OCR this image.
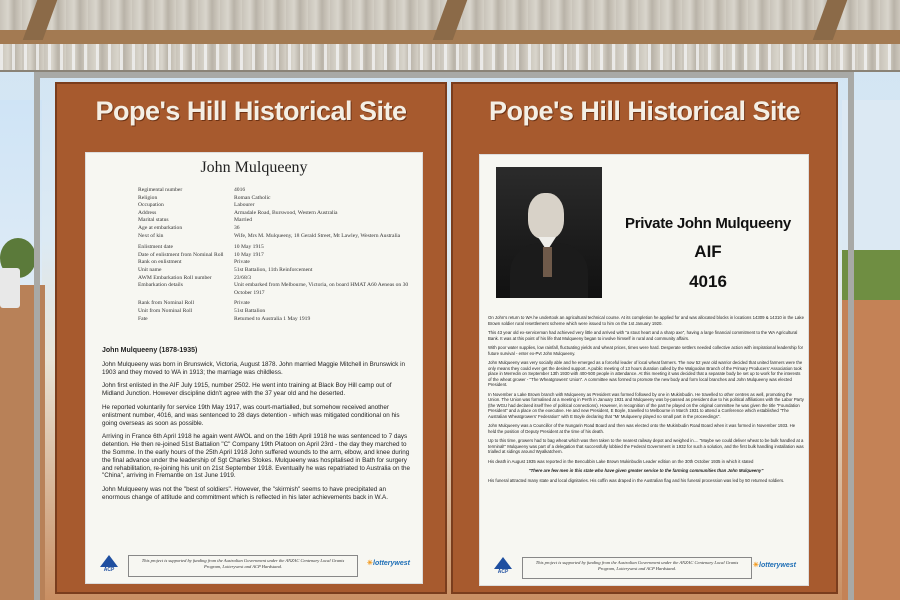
Pope's Hill Historical Site
John Mulqueeny
Regimental number	4016
Religion	Roman Catholic
Occupation	Labourer
Address	Armadale Road, Burswood, Western Australia
Marital status	Married
Age at embarkation	36
Next of kin	Wife, Mrs M. Mulqueeny, 18 Gerald Street, Mt Lawley, Western Australia
Enlistment date	10 May 1915
Date of enlistment from Nominal Roll	10 May 1917
Rank on enlistment	Private
Unit name	51st Battalion, 11th Reinforcement
AWM Embarkation Roll number	23/68/3
Embarkation details	Unit embarked from Melbourne, Victoria, on board HMAT A60 Aeneas on 30 October 1917
Rank from Nominal Roll	Private
Unit from Nominal Roll	51st Battalion
Fate	Returned to Australia 1 May 1919
John Mulqueeny (1878-1935)

John Mulqueeny was born in Brunswick, Victoria, August 1878. John married Maggie Mitchell in Brunswick in 1903 and they moved to WA in 1913; the marriage was childless.

John first enlisted in the AIF July 1915, number 2502. He went into training at Black Boy Hill camp out of Midland Junction. However discipline didn't agree with the 37 year old and he deserted.

He reported voluntarily for service 19th May 1917, was court-martialled, but somehow received another enlistment number, 4016, and was sentenced to 28 days detention - which was mitigated conditional on his going overseas as soon as possible.

Arriving in France 6th April 1918 he again went AWOL and on the 16th April 1918 he was sentenced to 7 days detention. He then re-joined 51st Battalion "C" Company 19th Platoon on April 23rd - the day they marched to the Somme. In the early hours of the 25th April 1918 John suffered wounds to the arm, elbow, and knee during the final advance under the leadership of Sgt Charles Stokes. Mulqueeny was hospitalised in Bath for surgery and rehabilitation, re-joining his unit on 21st September 1918. Eventually he was repatriated to Australia on the "China", arriving in Fremantle on 1st June 1919.

John Mulqueeny was not the "best of soldiers". However, the "skirmish" seems to have precipitated an enormous change of attitude and commitment which is reflected in his later achievements back in W.A.

ACP
This project is supported by funding from the Australian Government under the ANZAC Centenary Local Grants Program, Lotterywest and ACP Hardstand.	☀lotterywest
Pope's Hill Historical Site
Private John Mulqueeny
AIF
4016

On John's return to WA he undertook an agricultural technical course. At its completion he applied for and was allocated blocks in locations 14309 & 14310 in the Lake Brown soldier rural resettlement scheme which were issued to him on the 1st January 1920.

This 43 year old ex-serviceman had achieved very little and arrived with "a stout heart and a sharp axe", having a large financial commitment to the WA Agricultural Bank. It was at this point of his life that Mulqueeny began to involve himself in rural and community affairs.

With poor water supplies, low rainfall, fluctuating yields and wheat prices, times were hard. Desperate settlers needed collective action with inspirational leadership for future survival - enter ex-Pvt John Mulqueeny.

John Mulqueeny was very socially able and he emerged as a forceful leader of local wheat farmers. The now 52 year old warrior decided that united farmers were the only means they could ever get the desired support. A public meeting of 13 hours duration called by the Walgoolan Branch of the Primary Producers' Association took place in Merredin on September 13th 1930 with 400-500 people in attendance. At this meeting it was decided that a separate body be set up to work for the interests of the wheat grower - "The Wheatgrowers' Union". A committee was formed to promote the new body and form local branches and John Mulqueeny was elected President.

In November a Lake Brown branch with Mulqueeny as President was formed followed by one in Mukinbudin. He travelled to other centres as well, promoting the Union. The Union was formalised at a meeting in Perth in January 1931 and Mulqueeny was by-passed as president due to his political affiliations with the Labor Party (the WGU had declared itself free of political connections). However, in recognition of the part he played on the original committee he was given the title "Foundation President" and a place on the executive. He and new President, E Boyle, travelled to Melbourne in March 1931 to attend a Conference which established "The Australian Wheatgrowers' Federation" with E Boyle declaring that "Mr Mulqueeny played no small part in the proceedings".

John Mulqueeny was a Councillor of the Nungarin Road Board and then was elected onto the Mukinbudin Road Board when it was formed in November 1933. He held the position of Deputy President at the time of his death.

Up to this time, growers had to bag wheat which was then taken to the nearest railway depot and weighed in.... "Maybe we could deliver wheat to be bulk handled at a terminal!" Mulqueeny was part of a delegation that successfully lobbied the Federal Government in 1932 for such a solution, and the first bulk handling installation was trialled at sidings around Wyalkatchem.

His death in August 1935 was reported in the Bencubbin Lake Brown Mukinbudin Leader edition on the 30th October 1935 in which it stated

"There are few men in this state who have given greater service to the farming communities than John Mulqueeny"

His funeral attracted many state and local dignitaries. His coffin was draped in the Australian flag and his funeral procession was led by 50 returned soldiers.

ACP
This project is supported by funding from the Australian Government under the ANZAC Centenary Local Grants Program, Lotterywest and ACP Hardstand.	☀lotterywest
